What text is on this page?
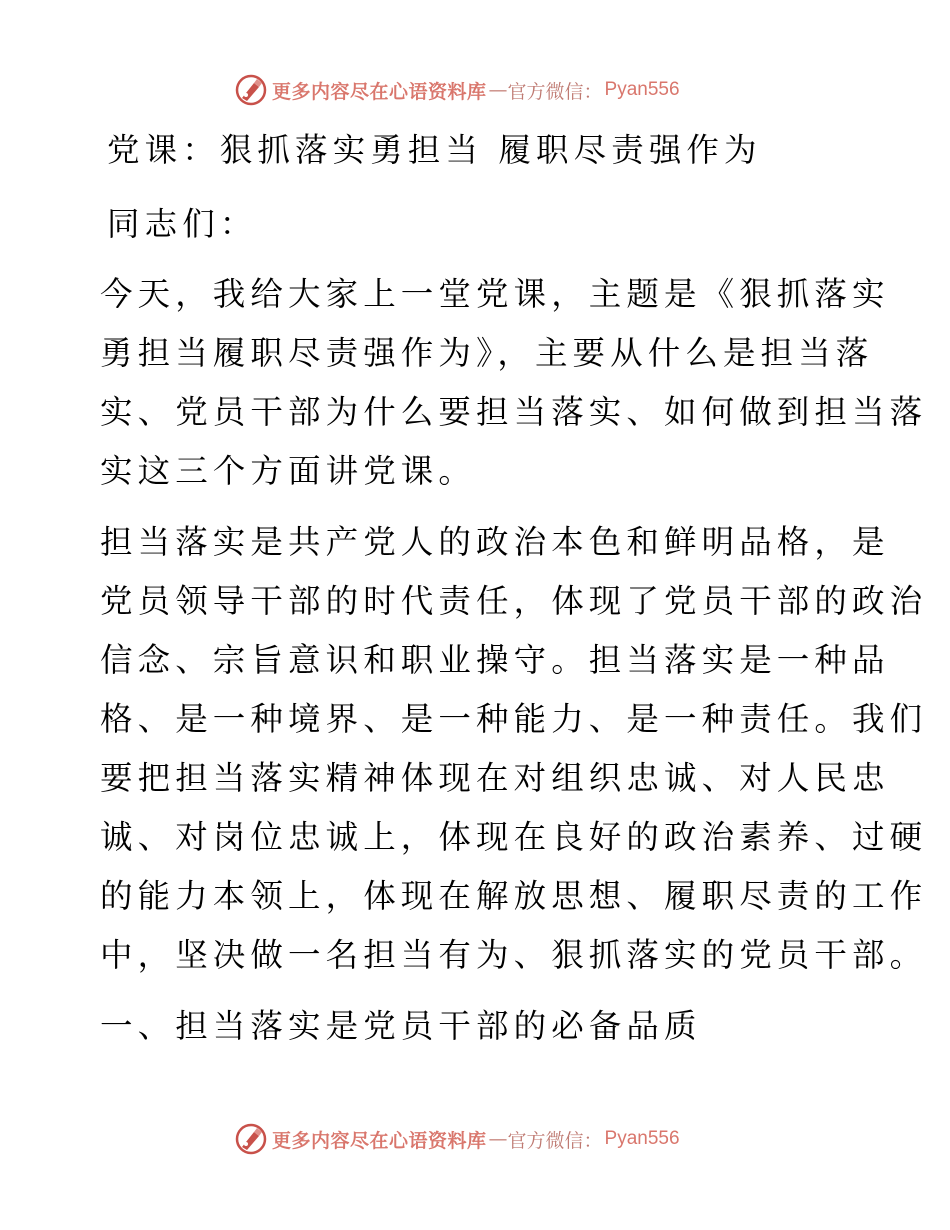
更多内容尽在心语资料库 — 官方微信： Pyan556
党课：狠抓落实勇担当 履职尽责强作为
同志们：
今天，我给大家上一堂党课，主题是《狠抓落实
勇担当履职尽责强作为》，主要从什么是担当落
实、党员干部为什么要担当落实、如何做到担当落
实这三个方面讲党课。
担当落实是共产党人的政治本色和鲜明品格，是
党员领导干部的时代责任，体现了党员干部的政治
信念、宗旨意识和职业操守。担当落实是一种品
格、是一种境界、是一种能力、是一种责任。我们
要把担当落实精神体现在对组织忠诚、对人民忠
诚、对岗位忠诚上，体现在良好的政治素养、过硬
的能力本领上，体现在解放思想、履职尽责的工作
中，坚决做一名担当有为、狠抓落实的党员干部。
一、担当落实是党员干部的必备品质
更多内容尽在心语资料库 — 官方微信： Pyan556
